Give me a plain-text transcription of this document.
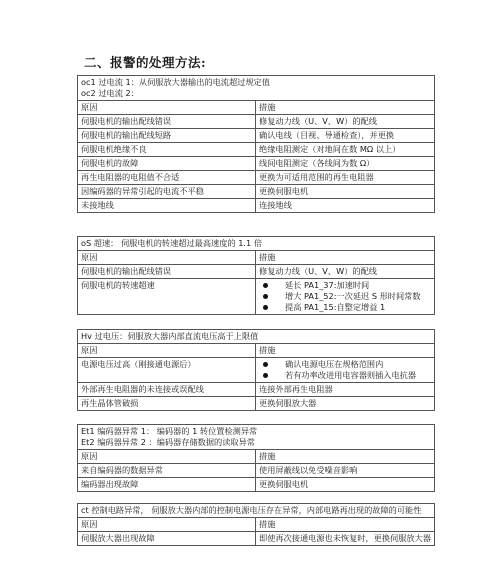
二、报警的处理方法:
oc1 过电流 1：从伺服放大器输出的电流超过规定值
oc2 过电流 2：	

原因	措施
伺服电机的输出配线错误	修复动力线（U、V、W）的配线
伺服电机的输出配线短路	确认电线（目视、导通检查），并更换
伺服电机绝缘不良	绝缘电阻测定（对地间在数 MΩ 以上）
伺服电机的故障	线间电阻测定（各线间为数 Ω）
再生电阻器的电阻值不合适	更换为可适用范围的再生电阻器
因编码器的异常引起的电流不平稳	更换伺服电机
未接地线	连接地线
oS 超速： 伺服电机的转速超过最高速度的 1.1 倍	
原因	措施
伺服电机的输出配线错误	修复动力线（U、V、W）的配线
伺服电机的转速超速	延长 PA1_37:加速时间
增大 PA1_52:一次延迟 S 形时间常数
提高 PA1_15:自整定增益 1
Hv 过电压：伺服放大器内部直流电压高于上限值	
原因	措施
电源电压过高（刚接通电源后）	确认电源电压在规格范围内
若有功率改进用电容器则插入电抗器

外部再生电阻器的未连接或误配线	连接外部再生电阻器
再生晶体管破损	更换伺服放大器
Et1 编码器异常 1： 编码器的 1 转位置检测异常
Et2 编码器异常 2 ：编码器存储数据的读取异常	

原因	措施
来自编码器的数据异常	使用屏蔽线以免受噪音影响
编码器出现故障	更换伺服电机
ct 控制电路异常， 伺服放大器内部的控制电源电压存在异常，内部电路再出现的故障的可能性	
原因	措施
伺服放大器出现故障	即使再次接通电源也未恢复时，更换伺服放大器
